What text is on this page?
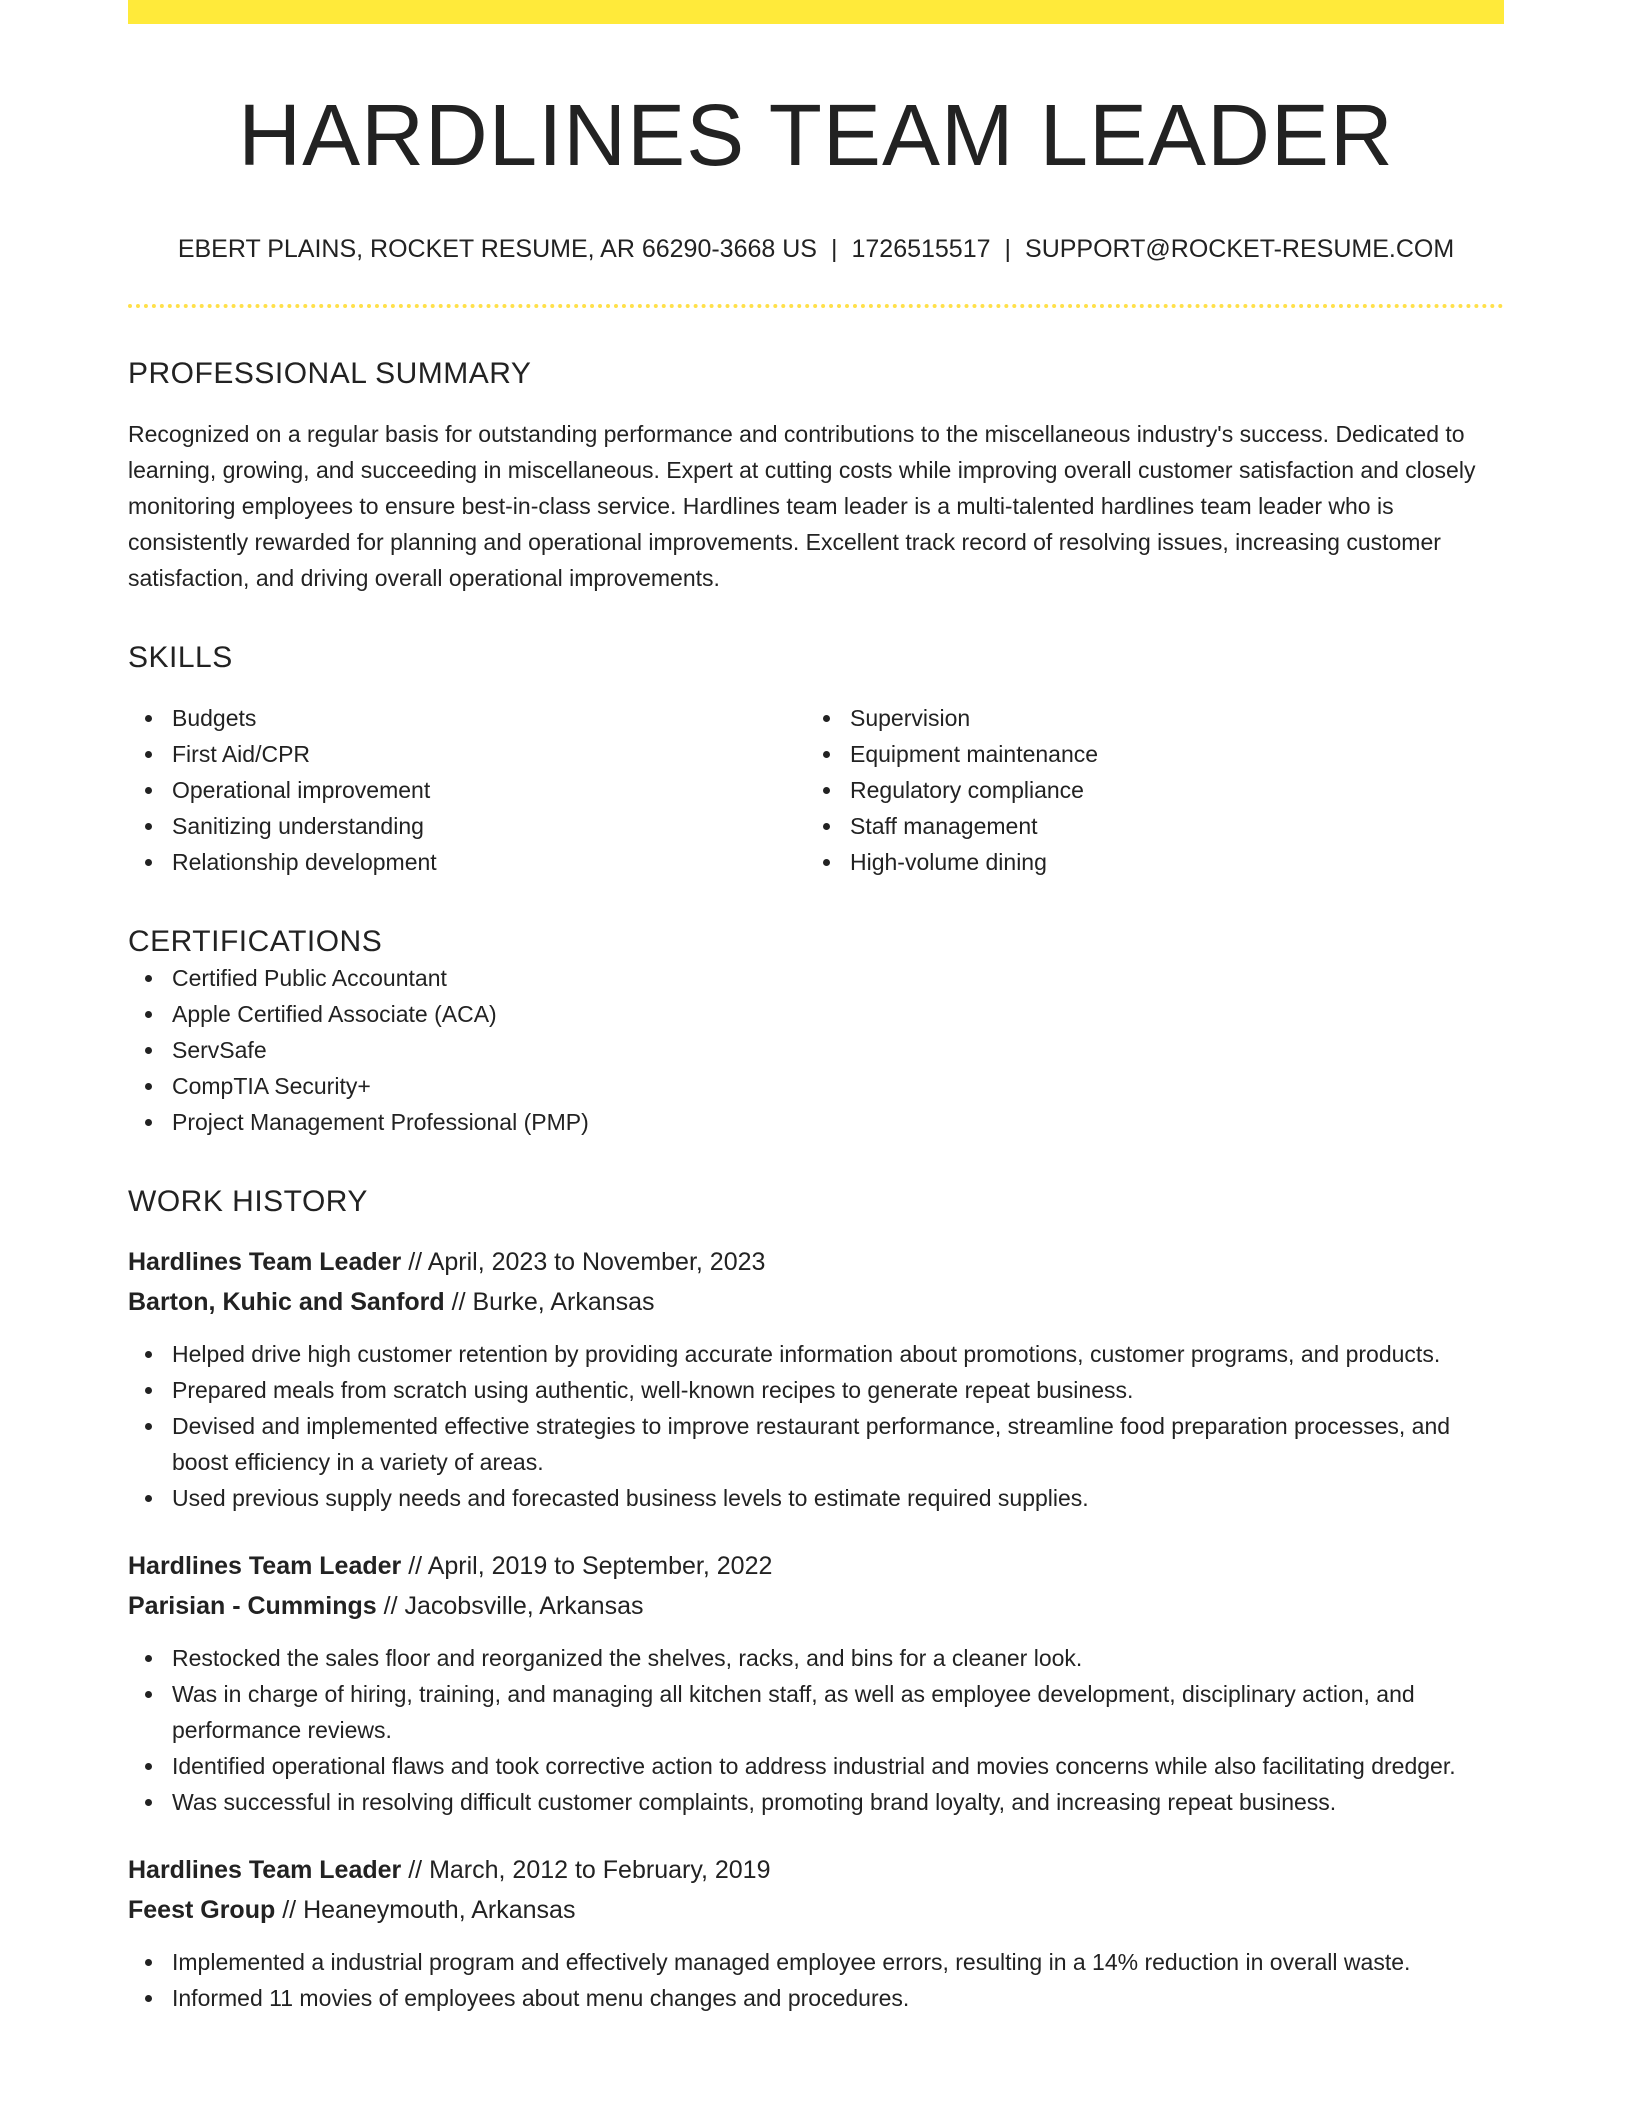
HARDLINES TEAM LEADER
EBERT PLAINS, ROCKET RESUME, AR 66290-3668 US | 1726515517 | SUPPORT@ROCKET-RESUME.COM
PROFESSIONAL SUMMARY
Recognized on a regular basis for outstanding performance and contributions to the miscellaneous industry's success. Dedicated to learning, growing, and succeeding in miscellaneous. Expert at cutting costs while improving overall customer satisfaction and closely monitoring employees to ensure best-in-class service. Hardlines team leader is a multi-talented hardlines team leader who is consistently rewarded for planning and operational improvements. Excellent track record of resolving issues, increasing customer satisfaction, and driving overall operational improvements.
SKILLS
Budgets
First Aid/CPR
Operational improvement
Sanitizing understanding
Relationship development
Supervision
Equipment maintenance
Regulatory compliance
Staff management
High-volume dining
CERTIFICATIONS
Certified Public Accountant
Apple Certified Associate (ACA)
ServSafe
CompTIA Security+
Project Management Professional (PMP)
WORK HISTORY
Hardlines Team Leader // April, 2023 to November, 2023
Barton, Kuhic and Sanford // Burke, Arkansas
Helped drive high customer retention by providing accurate information about promotions, customer programs, and products.
Prepared meals from scratch using authentic, well-known recipes to generate repeat business.
Devised and implemented effective strategies to improve restaurant performance, streamline food preparation processes, and boost efficiency in a variety of areas.
Used previous supply needs and forecasted business levels to estimate required supplies.
Hardlines Team Leader // April, 2019 to September, 2022
Parisian - Cummings // Jacobsville, Arkansas
Restocked the sales floor and reorganized the shelves, racks, and bins for a cleaner look.
Was in charge of hiring, training, and managing all kitchen staff, as well as employee development, disciplinary action, and performance reviews.
Identified operational flaws and took corrective action to address industrial and movies concerns while also facilitating dredger.
Was successful in resolving difficult customer complaints, promoting brand loyalty, and increasing repeat business.
Hardlines Team Leader // March, 2012 to February, 2019
Feest Group // Heaneymouth, Arkansas
Implemented a industrial program and effectively managed employee errors, resulting in a 14% reduction in overall waste.
Informed 11 movies of employees about menu changes and procedures.
